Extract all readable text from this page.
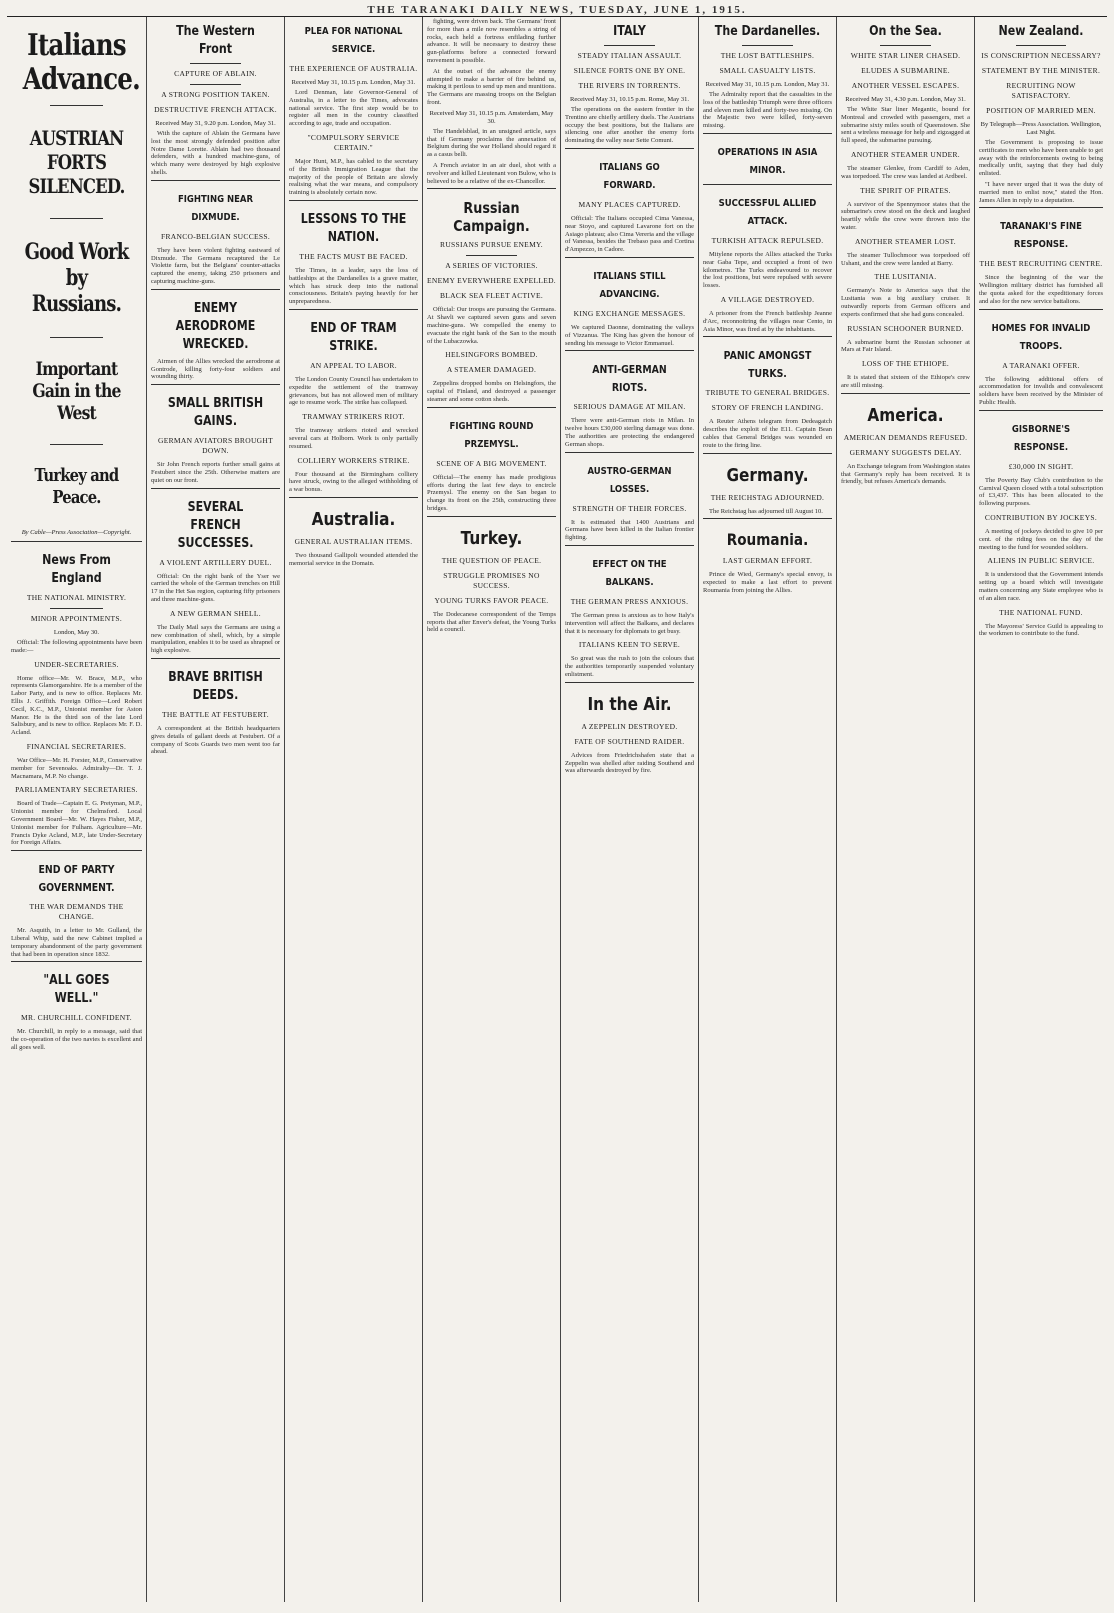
THE TARANAKI DAILY NEWS, TUESDAY, JUNE 1, 1915.
Italians Advance.
AUSTRIAN FORTS SILENCED.
Good Work by Russians.
Important Gain in the West
Turkey and Peace.
By Cable—Press Association—Copyright.
News From England
THE NATIONAL MINISTRY.
MINOR APPOINTMENTS.
London, May 30.

Official: The following appointments have been made:—

UNDER-SECRETARIES.

Home office—Mr. W. Brace, M.P., who represents Glamorganshire. He is a member of the Labor Party, and is new to office. Replaces Mr. Ellis J. Griffith. Foreign Office—Lord Robert Cecil, K.C., M.P., Unionist member for Aston Manor. He is the third son of the late Lord Salisbury, and is new to office. Replaces Mr. F. D. Acland.

FINANCIAL SECRETARIES.

War Office—Mr. H. Forster, M.P., Conservative member for Sevenoaks. Admiralty—Dr. T. J. Macnamara, M.P. No change.

PARLIAMENTARY SECRETARIES.

Board of Trade—Captain E. G. Pretyman, M.P., Unionist member for Chelmsford. Local Government Board—Mr. W. Hayes Fisher, M.P., Unionist member for Fulham. Agriculture—Mr. Francis Dyke Acland, M.P., late Under-Secretary for Foreign Affairs.

END OF PARTY GOVERNMENT.
THE WAR DEMANDS THE CHANGE.

Mr. Asquith, in a letter to Mr. Gulland, the Liberal Whip, said the new Cabinet implied a temporary abandonment of the party government that had been in operation since 1832.

"ALL GOES WELL."
MR. CHURCHILL CONFIDENT.

Mr. Churchill, in reply to a message, said that the co-operation of the two navies is excellent and all goes well.

The Western Front
CAPTURE OF ABLAIN.
A STRONG POSITION TAKEN.
DESTRUCTIVE FRENCH ATTACK.
Received May 31, 9.20 p.m. London, May 31.

With the capture of Ablain the Germans have lost the most strongly defended position after Notre Dame Lorette. Ablain had two thousand defenders, with a hundred machine-guns, of which many were destroyed by high explosive shells.

FIGHTING NEAR DIXMUDE.
FRANCO-BELGIAN SUCCESS.

They have been violent fighting eastward of Dixmude. The Germans recaptured the Le Violette farm, but the Belgians' counter-attacks captured the enemy, taking 250 prisoners and capturing machine-guns.

ENEMY AERODROME WRECKED.

Airmen of the Allies wrecked the aerodrome at Gontrode, killing forty-four soldiers and wounding thirty.

SMALL BRITISH GAINS.
GERMAN AVIATORS BROUGHT DOWN.

Sir John French reports further small gains at Festubert since the 25th. Otherwise matters are quiet on our front.

SEVERAL FRENCH SUCCESSES.
A VIOLENT ARTILLERY DUEL.

Official: On the right bank of the Yser we carried the whole of the German trenches on Hill 17 in the Het Sas region, capturing fifty prisoners and three machine-guns.

A NEW GERMAN SHELL.

The Daily Mail says the Germans are using a new combination of shell, which, by a simple manipulation, enables it to be used as shrapnel or high explosive.

BRAVE BRITISH DEEDS.
THE BATTLE AT FESTUBERT.

A correspondent at the British headquarters gives details of gallant deeds at Festubert. Of a company of Scots Guards two men went too far ahead.

PLEA FOR NATIONAL SERVICE.
THE EXPERIENCE OF AUSTRALIA.
Received May 31, 10.15 p.m. London, May 31.

Lord Denman, late Governor-General of Australia, in a letter to the Times, advocates national service. The first step would be to register all men in the country classified according to age, trade and occupation.

"COMPULSORY SERVICE CERTAIN."

Major Hunt, M.P., has cabled to the secretary of the British Immigration League that the majority of the people of Britain are slowly realising what the war means, and compulsory training is absolutely certain now.

LESSONS TO THE NATION.
THE FACTS MUST BE FACED.

The Times, in a leader, says the loss of battleships at the Dardanelles is a grave matter, which has struck deep into the national consciousness. Britain's paying heavily for her unpreparedness.

END OF TRAM STRIKE.
AN APPEAL TO LABOR.

The London County Council has undertaken to expedite the settlement of the tramway grievances, but has not allowed men of military age to resume work. The strike has collapsed.

TRAMWAY STRIKERS RIOT.

The tramway strikers rioted and wrecked several cars at Holborn. Work is only partially resumed.

COLLIERY WORKERS STRIKE.

Four thousand at the Birmingham colliery have struck, owing to the alleged withholding of a war bonus.

Australia.
GENERAL AUSTRALIAN ITEMS.

Two thousand Gallipoli wounded attended the memorial service in the Domain.

fighting, were driven back. The Germans' front for more than a mile now resembles a string of rocks, each held a fortress enfilading further advance. It will be necessary to destroy these gun-platforms before a connected forward movement is possible.

At the outset of the advance the enemy attempted to make a barrier of fire behind us, making it perilous to send up men and munitions. The Germans are massing troops on the Belgian front.

Received May 31, 10.15 p.m. Amsterdam, May 30.

The Handelsblad, in an unsigned article, says that if Germany proclaims the annexation of Belgium during the war Holland should regard it as a casus belli.

A French aviator in an air duel, shot with a revolver and killed Lieutenant von Bulow, who is believed to be a relative of the ex-Chancellor.

Russian Campaign.
RUSSIANS PURSUE ENEMY.
A SERIES OF VICTORIES.
ENEMY EVERYWHERE EXPELLED.
BLACK SEA FLEET ACTIVE.

Official: Our troops are pursuing the Germans. At Shavli we captured seven guns and seven machine-guns. We compelled the enemy to evacuate the right bank of the San to the mouth of the Lubaczowka.

HELSINGFORS BOMBED.
A STEAMER DAMAGED.

Zeppelins dropped bombs on Helsingfors, the capital of Finland, and destroyed a passenger steamer and some cotton sheds.

FIGHTING ROUND PRZEMYSL.
SCENE OF A BIG MOVEMENT.

Official—The enemy has made prodigious efforts during the last few days to encircle Przemysl. The enemy on the San began to change its front on the 25th, constructing three bridges.

Turkey.
THE QUESTION OF PEACE.
STRUGGLE PROMISES NO SUCCESS.
YOUNG TURKS FAVOR PEACE.

The Dodecanese correspondent of the Temps reports that after Enver's defeat, the Young Turks held a council.

ITALY
STEADY ITALIAN ASSAULT.
SILENCE FORTS ONE BY ONE.
THE RIVERS IN TORRENTS.
Received May 31, 10.15 p.m. Rome, May 31.

The operations on the eastern frontier in the Trentino are chiefly artillery duels. The Austrians occupy the best positions, but the Italians are silencing one after another the enemy forts dominating the valley near Sette Comuni.

ITALIANS GO FORWARD.
MANY PLACES CAPTURED.

Official: The Italians occupied Cima Vanessa, near Stoyo, and captured Lavarone fort on the Asiago plateau; also Cima Vereria and the village of Vanessa, besides the Trebaso pass and Cortina d'Ampezzo, in Cadore.

ITALIANS STILL ADVANCING.
KING EXCHANGE MESSAGES.

We captured Daonne, dominating the valleys of Vizzanua. The King has given the honour of sending his message to Victor Emmanuel.

ANTI-GERMAN RIOTS.
SERIOUS DAMAGE AT MILAN.

There were anti-German riots in Milan. In twelve hours £30,000 sterling damage was done. The authorities are protecting the endangered German shops.

AUSTRO-GERMAN LOSSES.
STRENGTH OF THEIR FORCES.

It is estimated that 1400 Austrians and Germans have been killed in the Italian frontier fighting.

EFFECT ON THE BALKANS.
THE GERMAN PRESS ANXIOUS.

The German press is anxious as to how Italy's intervention will affect the Balkans, and declares that it is necessary for diplomats to get busy.

ITALIANS KEEN TO SERVE.

So great was the rush to join the colours that the authorities temporarily suspended voluntary enlistment.

In the Air.
A ZEPPELIN DESTROYED.
FATE OF SOUTHEND RAIDER.

Advices from Friedrichshafen state that a Zeppelin was shelled after raiding Southend and was afterwards destroyed by fire.

The Dardanelles.
THE LOST BATTLESHIPS.
SMALL CASUALTY LISTS.
Received May 31, 10.15 p.m. London, May 31.

The Admiralty report that the casualties in the loss of the battleship Triumph were three officers and eleven men killed and forty-two missing. On the Majestic two were killed, forty-seven missing.

OPERATIONS IN ASIA MINOR.
SUCCESSFUL ALLIED ATTACK.
TURKISH ATTACK REPULSED.

Mitylene reports the Allies attacked the Turks near Gaba Tepe, and occupied a front of two kilometres. The Turks endeavoured to recover the lost positions, but were repulsed with severe losses.

A VILLAGE DESTROYED.

A prisoner from the French battleship Jeanne d'Arc, reconnoitring the villages near Cento, in Asia Minor, was fired at by the inhabitants.

PANIC AMONGST TURKS.
TRIBUTE TO GENERAL BRIDGES.
STORY OF FRENCH LANDING.

A Reuter Athens telegram from Dedeagatch describes the exploit of the E11. Captain Bean cables that General Bridges was wounded en route to the firing line.

Germany.
THE REICHSTAG ADJOURNED.

The Reichstag has adjourned till August 10.

Roumania.
LAST GERMAN EFFORT.

Prince de Wied, Germany's special envoy, is expected to make a last effort to prevent Roumania from joining the Allies.

On the Sea.
WHITE STAR LINER CHASED.
ELUDES A SUBMARINE.
ANOTHER VESSEL ESCAPES.
Received May 31, 4.30 p.m. London, May 31.

The White Star liner Megantic, bound for Montreal and crowded with passengers, met a submarine sixty miles south of Queenstown. She sent a wireless message for help and zigzagged at full speed, the submarine pursuing.

ANOTHER STEAMER UNDER.

The steamer Glenlee, from Cardiff to Aden, was torpedoed. The crew was landed at Ardbeel.

THE SPIRIT OF PIRATES.

A survivor of the Spennymoor states that the submarine's crew stood on the deck and laughed heartily while the crew were thrown into the water.

ANOTHER STEAMER LOST.

The steamer Tullochmoor was torpedoed off Ushant, and the crew were landed at Barry.

THE LUSITANIA.

Germany's Note to America says that the Lusitania was a big auxiliary cruiser. It outwardly reports from German officers and experts confirmed that she had guns concealed.

RUSSIAN SCHOONER BURNED.

A submarine burnt the Russian schooner at Mars at Fair Island.

LOSS OF THE ETHIOPE.

It is stated that sixteen of the Ethiope's crew are still missing.

America.
AMERICAN DEMANDS REFUSED.
GERMANY SUGGESTS DELAY.

An Exchange telegram from Washington states that Germany's reply has been received. It is friendly, but refuses America's demands.

New Zealand.
IS CONSCRIPTION NECESSARY?
STATEMENT BY THE MINISTER.
RECRUITING NOW SATISFACTORY.
POSITION OF MARRIED MEN.
By Telegraph—Press Association. Wellington, Last Night.

The Government is proposing to issue certificates to men who have been unable to get away with the reinforcements owing to being medically unfit, saying that they had duly enlisted.

"I have never urged that it was the duty of married men to enlist now," stated the Hon. James Allen in reply to a deputation.

TARANAKI'S FINE RESPONSE.
THE BEST RECRUITING CENTRE.

Since the beginning of the war the Wellington military district has furnished all the quota asked for the expeditionary forces and also for the new service battalions.

HOMES FOR INVALID TROOPS.
A TARANAKI OFFER.

The following additional offers of accommodation for invalids and convalescent soldiers have been received by the Minister of Public Health.

GISBORNE'S RESPONSE.
£30,000 IN SIGHT.

The Poverty Bay Club's contribution to the Carnival Queen closed with a total subscription of £3,437. This has been allocated to the following purposes.

CONTRIBUTION BY JOCKEYS.

A meeting of jockeys decided to give 10 per cent. of the riding fees on the day of the meeting to the fund for wounded soldiers.

ALIENS IN PUBLIC SERVICE.

It is understood that the Government intends setting up a board which will investigate matters concerning any State employee who is of an alien race.

THE NATIONAL FUND.

The Mayoress' Service Guild is appealing to the workmen to contribute to the fund.
